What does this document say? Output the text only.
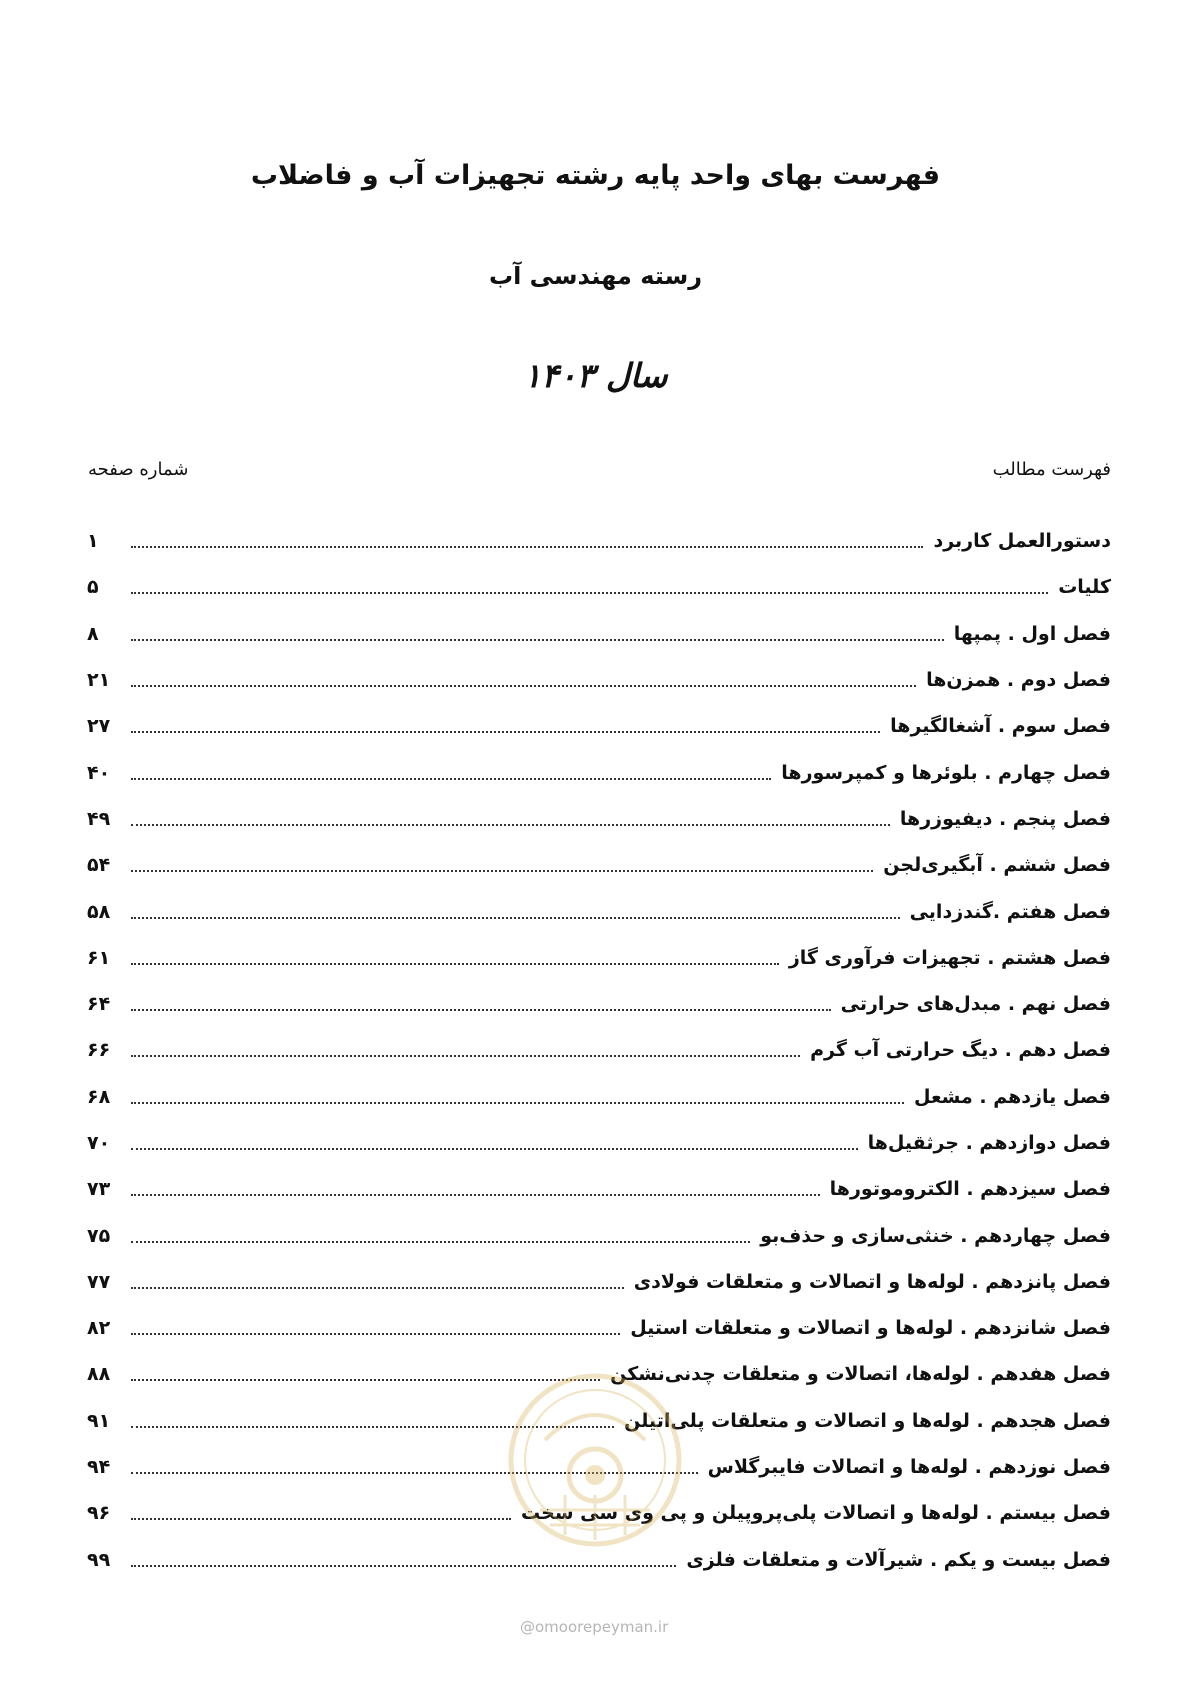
فهرست بهای واحد پایه رشته تجهیزات آب و فاضلاب
رسته مهندسی آب
سال ۱۴۰۳
فهرست مطالب
شماره صفحه
دستورالعمل کاربرد
۱
کلیات
۵
فصل اول . پمپها
۸
فصل دوم . همزن‌ها
۲۱
فصل سوم . آشغالگیرها
۲۷
فصل چهارم . بلوئرها و کمپرسورها
۴۰
فصل پنجم . دیفیوزرها
۴۹
فصل ششم . آبگیری‌لجن
۵۴
فصل هفتم .گندزدایی
۵۸
فصل هشتم . تجهیزات فرآوری گاز
۶۱
فصل نهم . مبدل‌های حرارتی
۶۴
فصل دهم . دیگ حرارتی آب گرم
۶۶
فصل یازدهم . مشعل
۶۸
فصل دوازدهم . جرثقیل‌ها
۷۰
فصل سیزدهم . الکتروموتورها
۷۳
فصل چهاردهم . خنثی‌سازی و حذف‌بو
۷۵
فصل پانزدهم . لوله‌ها و اتصالات و متعلقات فولادی
۷۷
فصل شانزدهم . لوله‌ها و اتصالات و متعلقات استیل
۸۲
فصل هفدهم . لوله‌ها، اتصالات و متعلقات چدنی‌نشکن
۸۸
فصل هجدهم . لوله‌ها و اتصالات و متعلقات پلی‌اتیلن
۹۱
فصل نوزدهم . لوله‌ها و اتصالات فایبرگلاس
۹۴
فصل بیستم . لوله‌ها و اتصالات پلی‌پروپیلن و پی وی سی سخت
۹۶
فصل بیست و یکم . شیرآلات و متعلقات فلزی
۹۹
@omoorepeyman.ir
